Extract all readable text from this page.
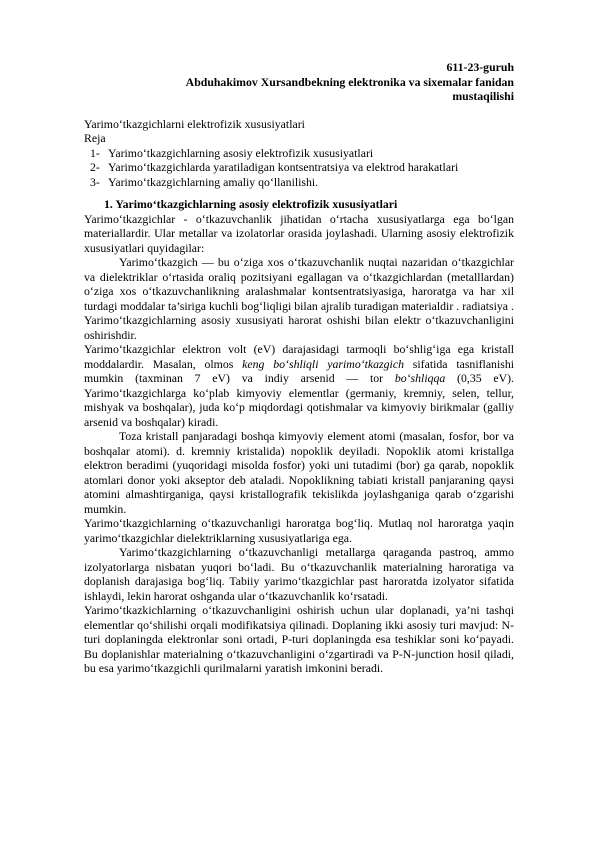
611-23-guruh
Abduhakimov Xursandbekning elektronika va sixemalar fanidan
mustaqilishi

Yarimo‘tkazgichlarni elektrofizik xususiyatlari

Reja

1- Yarimo‘tkazgichlarning asosiy elektrofizik xususiyatlari
2- Yarimo‘tkazgichlarda yaratiladigan kontsentratsiya va elektrod harakatlari
3- Yarimo‘tkazgichlarning amaliy qo‘llanilishi.

1. Yarimo‘tkazgichlarning asosiy elektrofizik xususiyatlari

Yarimo‘tkazgichlar - o‘tkazuvchanlik jihatidan o‘rtacha xususiyatlarga ega bo‘lgan materiallardir. Ular metallar va izolatorlar orasida joylashadi. Ularning asosiy elektrofizik xususiyatlari quyidagilar:

Yarimo‘tkazgich — bu o‘ziga xos o‘tkazuvchanlik nuqtai nazaridan o‘tkazgichlar va dielektriklar o‘rtasida oraliq pozitsiyani egallagan va o‘tkazgichlardan (metalllardan) o‘ziga xos o‘tkazuvchanlikning aralashmalar kontsentratsiyasiga, haroratga va har xil turdagi moddalar ta’siriga kuchli bog‘liqligi bilan ajralib turadigan materialdir . radiatsiya . Yarimo‘tkazgichlarning asosiy xususiyati harorat oshishi bilan elektr o‘tkazuvchanligini oshirishdir.

Yarimo‘tkazgichlar elektron volt (eV) darajasidagi tarmoqli bo‘shlig‘iga ega kristall moddalardir. Masalan, olmos keng bo‘shliqli yarimo‘tkazgich sifatida tasniflanishi mumkin (taxminan 7 eV) va indiy arsenid — tor bo‘shliqqa (0,35 eV). Yarimo‘tkazgichlarga ko‘plab kimyoviy elementlar (germaniy, kremniy, selen, tellur, mishyak va boshqalar), juda ko‘p miqdordagi qotishmalar va kimyoviy birikmalar (galliy arsenid va boshqalar) kiradi.

Toza kristall panjaradagi boshqa kimyoviy element atomi (masalan, fosfor, bor va boshqalar atomi). d. kremniy kristalida) nopoklik deyiladi. Nopoklik atomi kristallga elektron beradimi (yuqoridagi misolda fosfor) yoki uni tutadimi (bor) ga qarab, nopoklik atomlari donor yoki akseptor deb ataladi. Nopoklikning tabiati kristall panjaraning qaysi atomini almashtirganiga, qaysi kristallografik tekislikda joylashganiga qarab o‘zgarishi mumkin.

Yarimo‘tkazgichlarning o‘tkazuvchanligi haroratga bog‘liq. Mutlaq nol haroratga yaqin yarimo‘tkazgichlar dielektriklarning xususiyatlariga ega.

Yarimo‘tkazgichlarning o‘tkazuvchanligi metallarga qaraganda pastroq, ammo izolyatorlarga nisbatan yuqori bo‘ladi. Bu o‘tkazuvchanlik materialning haroratiga va doplanish darajasiga bog‘liq. Tabiiy yarimo‘tkazgichlar past haroratda izolyator sifatida ishlaydi, lekin harorat oshganda ular o‘tkazuvchanlik ko‘rsatadi.

Yarimo‘tkazkichlarning o‘tkazuvchanligini oshirish uchun ular doplanadi, ya’ni tashqi elementlar qo‘shilishi orqali modifikatsiya qilinadi. Doplaning ikki asosiy turi mavjud: N-turi doplaningda elektronlar soni ortadi, P-turi doplaningda esa teshiklar soni ko‘payadi. Bu doplanishlar materialning o‘tkazuvchanligini o‘zgartiradi va P-N-junction hosil qiladi, bu esa yarimo‘tkazgichli qurilmalarni yaratish imkonini beradi.
